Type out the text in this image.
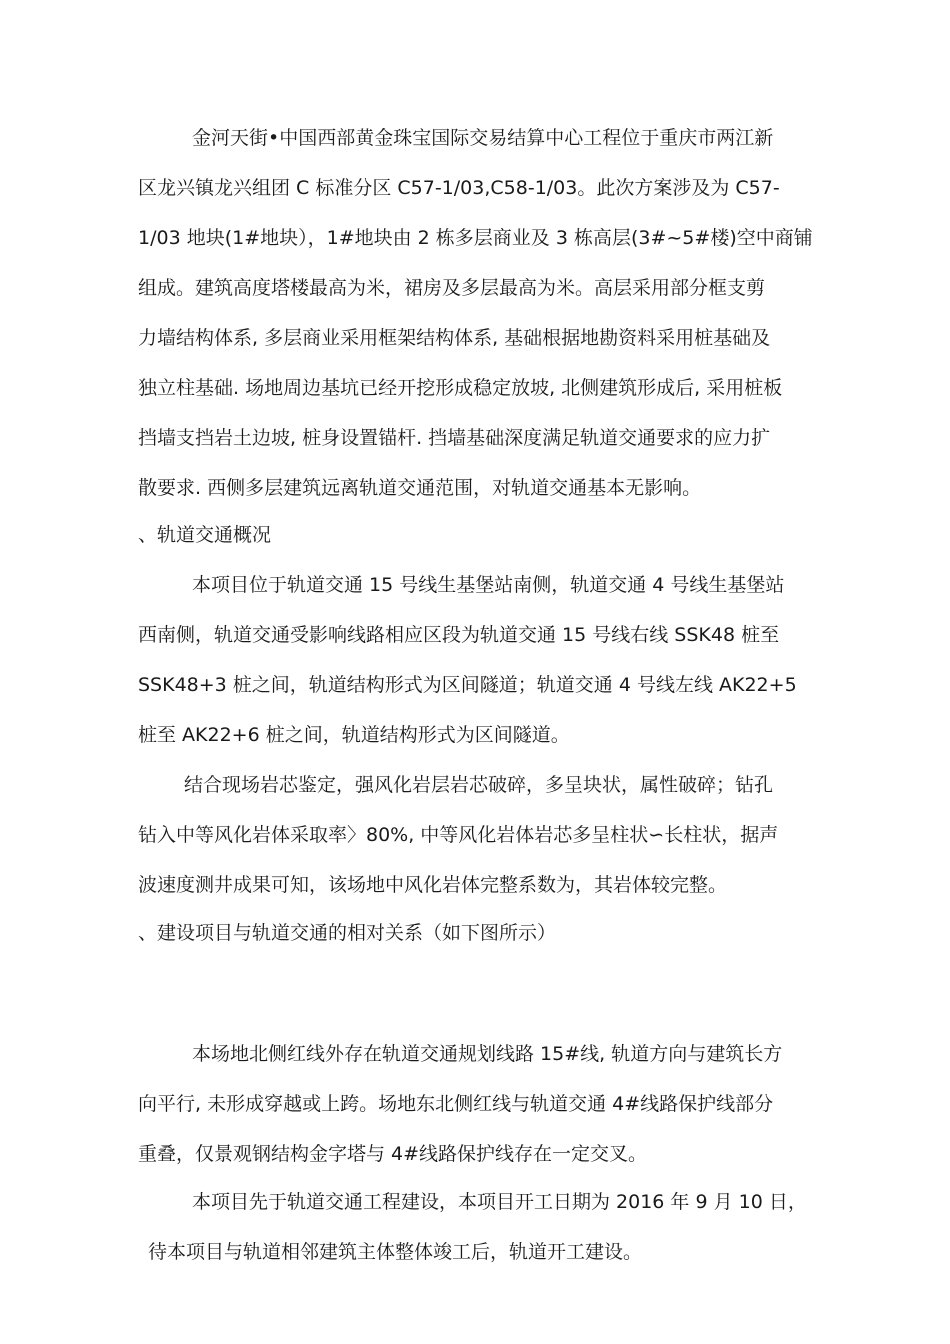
金河天街•中国西部黄金珠宝国际交易结算中心工程位于重庆市两江新
区龙兴镇龙兴组团 C 标准分区 C57-1/03,C58-1/03。此次方案涉及为 C57-
1/03 地块(1#地块），1#地块由 2 栋多层商业及 3 栋高层(3#~5#楼)空中商铺
组成。建筑高度塔楼最高为米，裙房及多层最高为米。高层采用部分框支剪
力墙结构体系, 多层商业采用框架结构体系, 基础根据地勘资料采用桩基础及
独立柱基础. 场地周边基坑已经开挖形成稳定放坡, 北侧建筑形成后, 采用桩板
挡墙支挡岩土边坡, 桩身设置锚杆. 挡墙基础深度满足轨道交通要求的应力扩
散要求. 西侧多层建筑远离轨道交通范围，对轨道交通基本无影响。
、轨道交通概况
本项目位于轨道交通 15 号线生基堡站南侧，轨道交通 4 号线生基堡站
西南侧，轨道交通受影响线路相应区段为轨道交通 15 号线右线 SSK48 桩至
SSK48+3 桩之间，轨道结构形式为区间隧道；轨道交通 4 号线左线 AK22+5
桩至 AK22+6 桩之间，轨道结构形式为区间隧道。
结合现场岩芯鉴定，强风化岩层岩芯破碎，多呈块状，属性破碎；钻孔
钻入中等风化岩体采取率〉80%, 中等风化岩体岩芯多呈柱状∽长柱状，据声
波速度测井成果可知，该场地中风化岩体完整系数为，其岩体较完整。
、建设项目与轨道交通的相对关系（如下图所示）
本场地北侧红线外存在轨道交通规划线路 15#线, 轨道方向与建筑长方
向平行, 未形成穿越或上跨。场地东北侧红线与轨道交通 4#线路保护线部分
重叠，仅景观钢结构金字塔与 4#线路保护线存在一定交叉。
本项目先于轨道交通工程建设，本项目开工日期为 2016 年 9 月 10 日，
待本项目与轨道相邻建筑主体整体竣工后，轨道开工建设。
